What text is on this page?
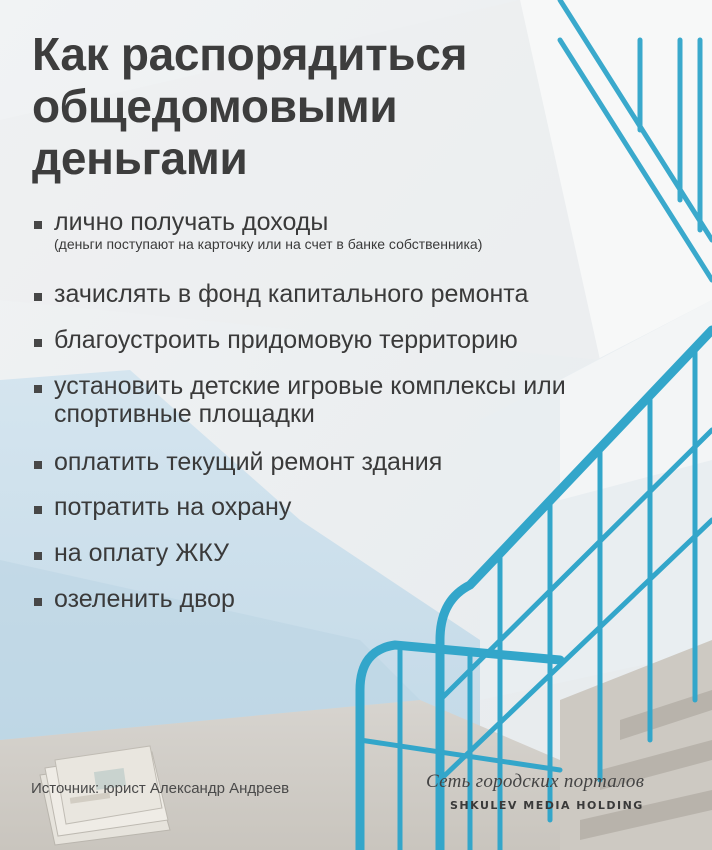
Как распорядиться общедомовыми деньгами
лично получать доходы
(деньги поступают на карточку или на счет в банке собственника)
зачислять в фонд капитального ремонта
благоустроить придомовую территорию
установить детские игровые комплексы или спортивные площадки
оплатить текущий ремонт здания
потратить на охрану
на оплату ЖКУ
озеленить двор
Источник: юрист Александр Андреев	Сеть городских порталов
SHKULEV MEDIA HOLDING
